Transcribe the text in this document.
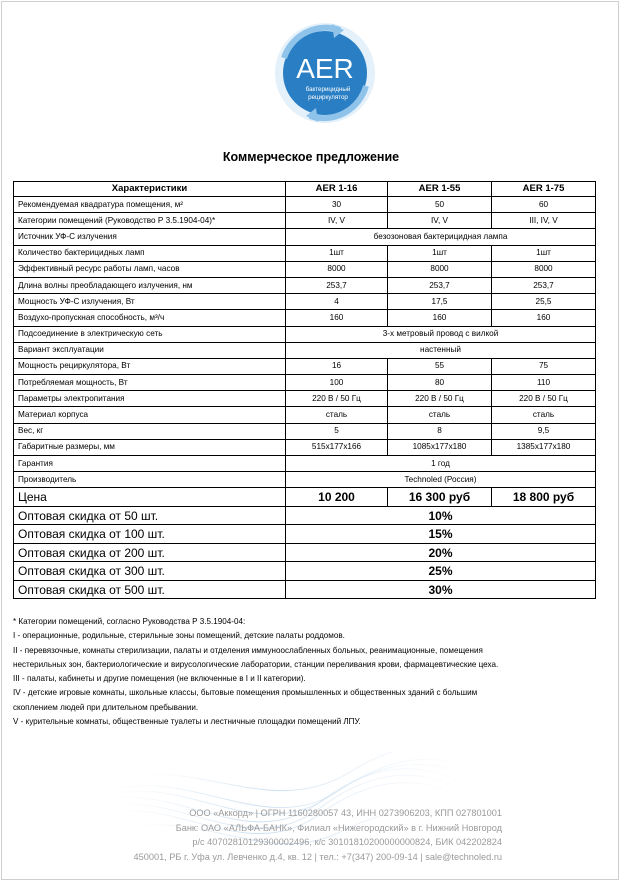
AER
бактерицидный
рециркулятор
Коммерческое предложение
Характеристики	AER 1-16	AER 1-55	AER 1-75
Рекомендуемая квадратура помещения, м²	30	50	60
Категории помещений (Руководство Р 3.5.1904-04)*	IV, V	IV, V	III, IV, V
Источник УФ-С излучения	безозоновая бактерицидная лампа		
Количество бактерицидных ламп	1шт	1шт	1шт
Эффективный ресурс работы ламп, часов	8000	8000	8000
Длина волны преобладающего излучения, нм	253,7	253,7	253,7
Мощность УФ-С излучения, Вт	4	17,5	25,5
Воздухо-пропускная способность, м³/ч	160	160	160
Подсоединение в электрическую сеть	3-х метровый провод с вилкой		
Вариант эксплуатации	настенный		
Мощность рециркулятора, Вт	16	55	75
Потребляемая мощность, Вт	100	80	110
Параметры электропитания	220 В / 50 Гц	220 В / 50 Гц	220 В / 50 Гц
Материал корпуса	сталь	сталь	сталь
Вес, кг	5	8	9,5
Габаритные размеры, мм	515x177x166	1085x177x180	1385x177x180
Гарантия	1 год		
Производитель	Technoled (Россия)		
Цена	10 200	16 300 руб	18 800 руб
Оптовая скидка от 50 шт.	10%		
Оптовая скидка от 100 шт.	15%		
Оптовая скидка от 200 шт.	20%		
Оптовая скидка от 300 шт.	25%		
Оптовая скидка от 500 шт.	30%		
* Категории помещений, согласно Руководства Р 3.5.1904-04:
I - операционные, родильные, стерильные зоны помещений, детские палаты роддомов.
II - перевязочные, комнаты стерилизации, палаты и отделения иммуноослабленных больных, реанимационные, помещения
нестерильных зон, бактериологические и вирусологические лаборатории, станции переливания крови, фармацевтические цеха.
III - палаты, кабинеты и другие помещения (не включенные в I и II категории).
IV - детские игровые комнаты, школьные классы, бытовые помещения промышленных и общественных зданий с большим
скоплением людей при длительном пребывании.
V - курительные комнаты, общественные туалеты и лестничные площадки помещений ЛПУ.
ООО «Аккорд» | ОГРН 1160280057 43, ИНН 0273906203, КПП 027801001
Банк: ОАО «АЛЬФА-БАНК», Филиал «Нижегородский» в г. Нижний Новгород
р/с 40702810129300002496, к/с 30101810200000000824, БИК 042202824
450001, РБ г. Уфа ул. Левченко д.4, кв. 12 | тел.: +7(347) 200-09-14 | sale@technoled.ru
